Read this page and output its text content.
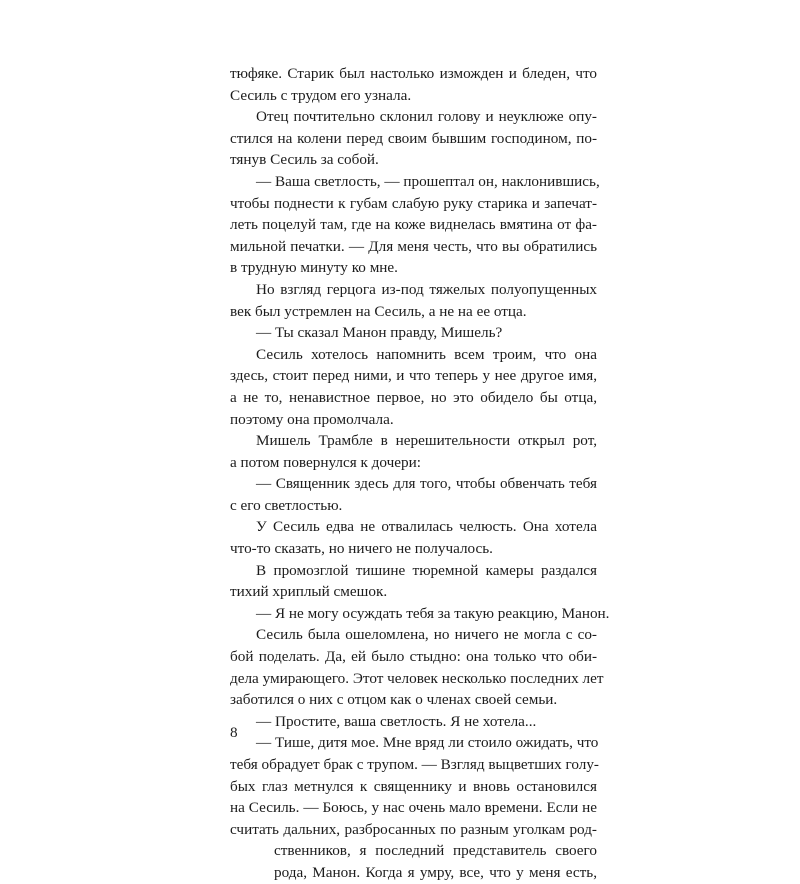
тюфяке. Старик был настолько изможден и бледен, что
Сесиль с трудом его узнала.
Отец почтительно склонил голову и неуклюже опу-
стился на колени перед своим бывшим господином, по-
тянув Сесиль за собой.
— Ваша светлость, — прошептал он, наклонившись,
чтобы поднести к губам слабую руку старика и запечат-
леть поцелуй там, где на коже виднелась вмятина от фа-
мильной печатки. — Для меня честь, что вы обратились
в трудную минуту ко мне.
Но взгляд герцога из-под тяжелых полуопущенных
век был устремлен на Сесиль, а не на ее отца.
— Ты сказал Манон правду, Мишель?
Сесиль хотелось напомнить всем троим, что она
здесь, стоит перед ними, и что теперь у нее другое имя,
а не то, ненавистное первое, но это обидело бы отца,
поэтому она промолчала.
Мишель Трамбле в нерешительности открыл рот,
а потом повернулся к дочери:
— Священник здесь для того, чтобы обвенчать тебя
с его светлостью.
У Сесиль едва не отвалилась челюсть. Она хотела
что-то сказать, но ничего не получалось.
В промозглой тишине тюремной камеры раздался
тихий хриплый смешок.
— Я не могу осуждать тебя за такую реакцию, Манон.
Сесиль была ошеломлена, но ничего не могла с со-
бой поделать. Да, ей было стыдно: она только что оби-
дела умирающего. Этот человек несколько последних лет
заботился о них с отцом как о членах своей семьи.
— Простите, ваша светлость. Я не хотела...
— Тише, дитя мое. Мне вряд ли стоило ожидать, что
тебя обрадует брак с трупом. — Взгляд выцветших голу-
бых глаз метнулся к священнику и вновь остановился
на Сесиль. — Боюсь, у нас очень мало времени. Если не
считать дальних, разбросанных по разным уголкам род-
ственников, я последний представитель своего
рода, Манон. Когда я умру, все, что у меня есть,
8
